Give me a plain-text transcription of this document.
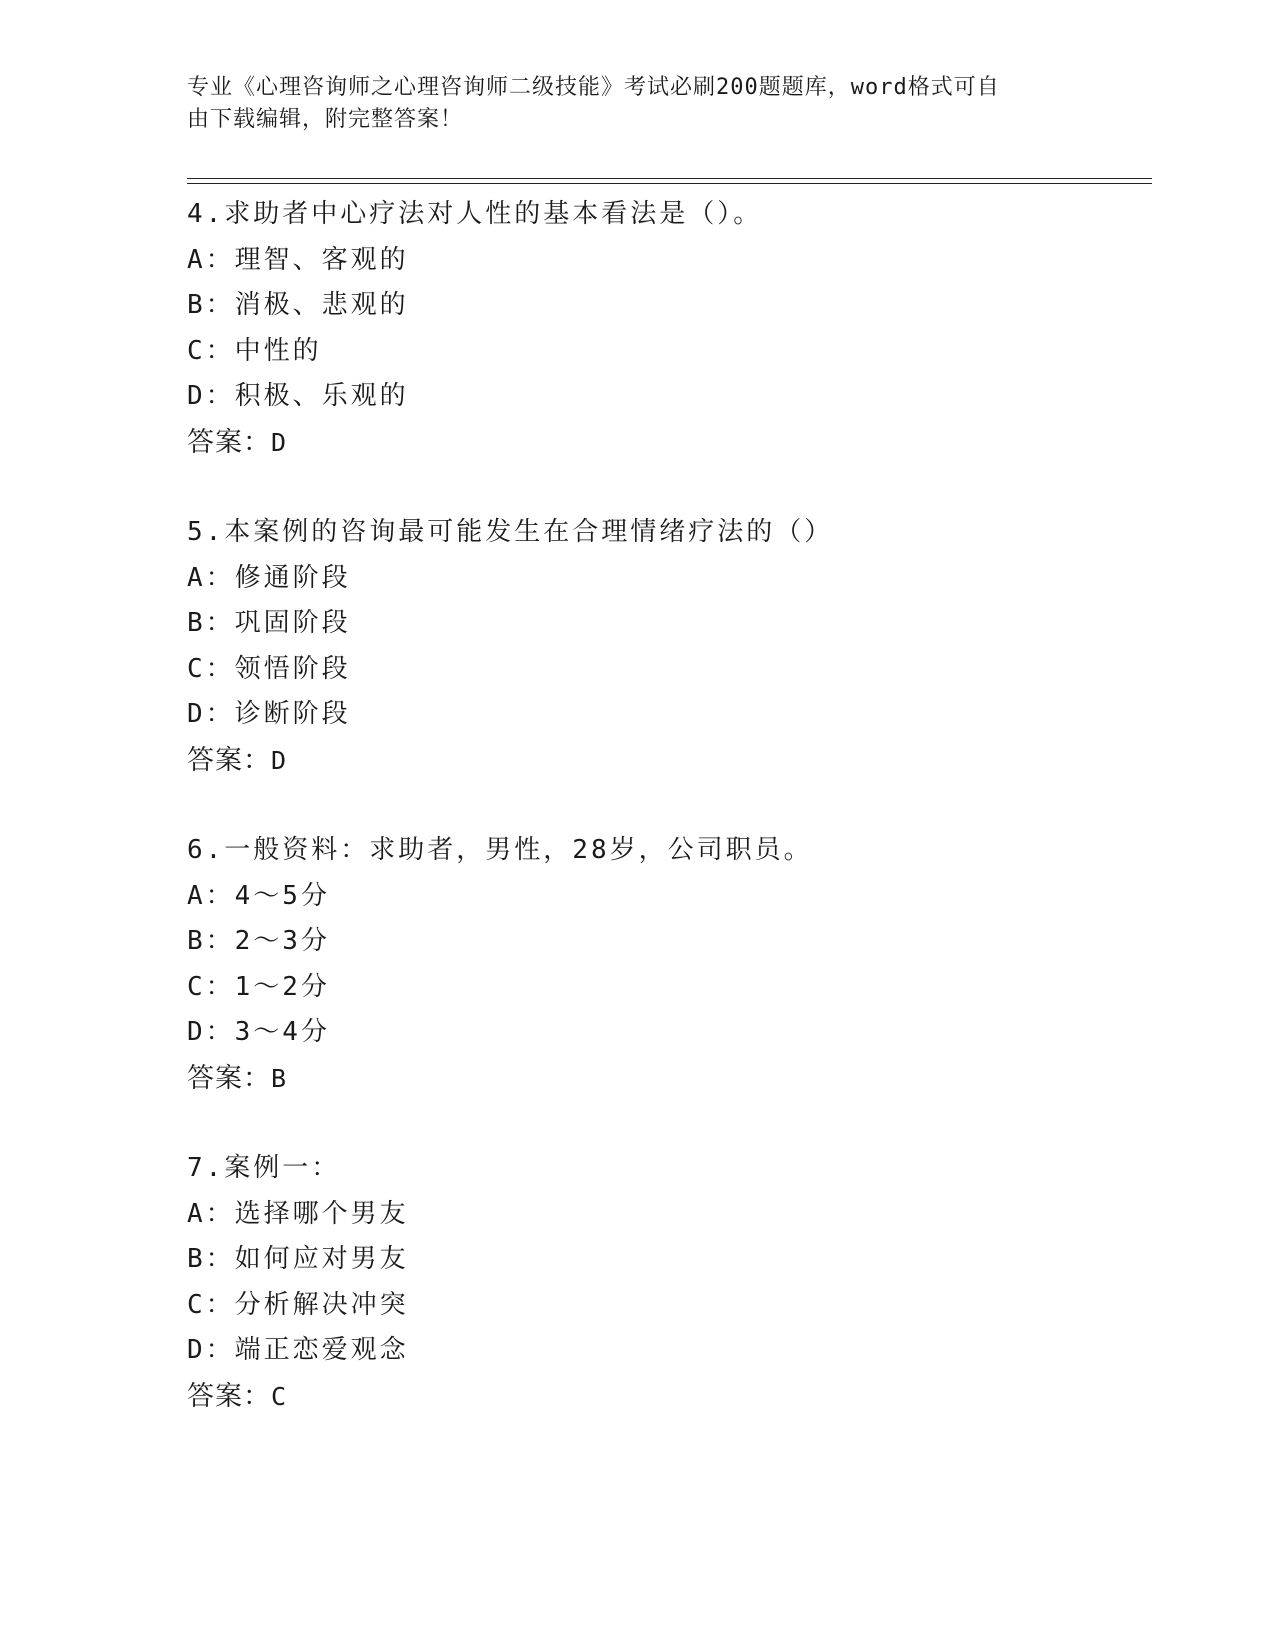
专业《心理咨询师之心理咨询师二级技能》考试必刷200题题库，word格式可自
由下载编辑，附完整答案！
4.求助者中心疗法对人性的基本看法是（）。
A：理智、客观的
B：消极、悲观的
C：中性的
D：积极、乐观的
答案：D
5.本案例的咨询最可能发生在合理情绪疗法的（）
A：修通阶段
B：巩固阶段
C：领悟阶段
D：诊断阶段
答案：D
6.一般资料：求助者，男性，28岁，公司职员。
A：4～5分
B：2～3分
C：1～2分
D：3～4分
答案：B
7.案例一：
A：选择哪个男友
B：如何应对男友
C：分析解决冲突
D：端正恋爱观念
答案：C
